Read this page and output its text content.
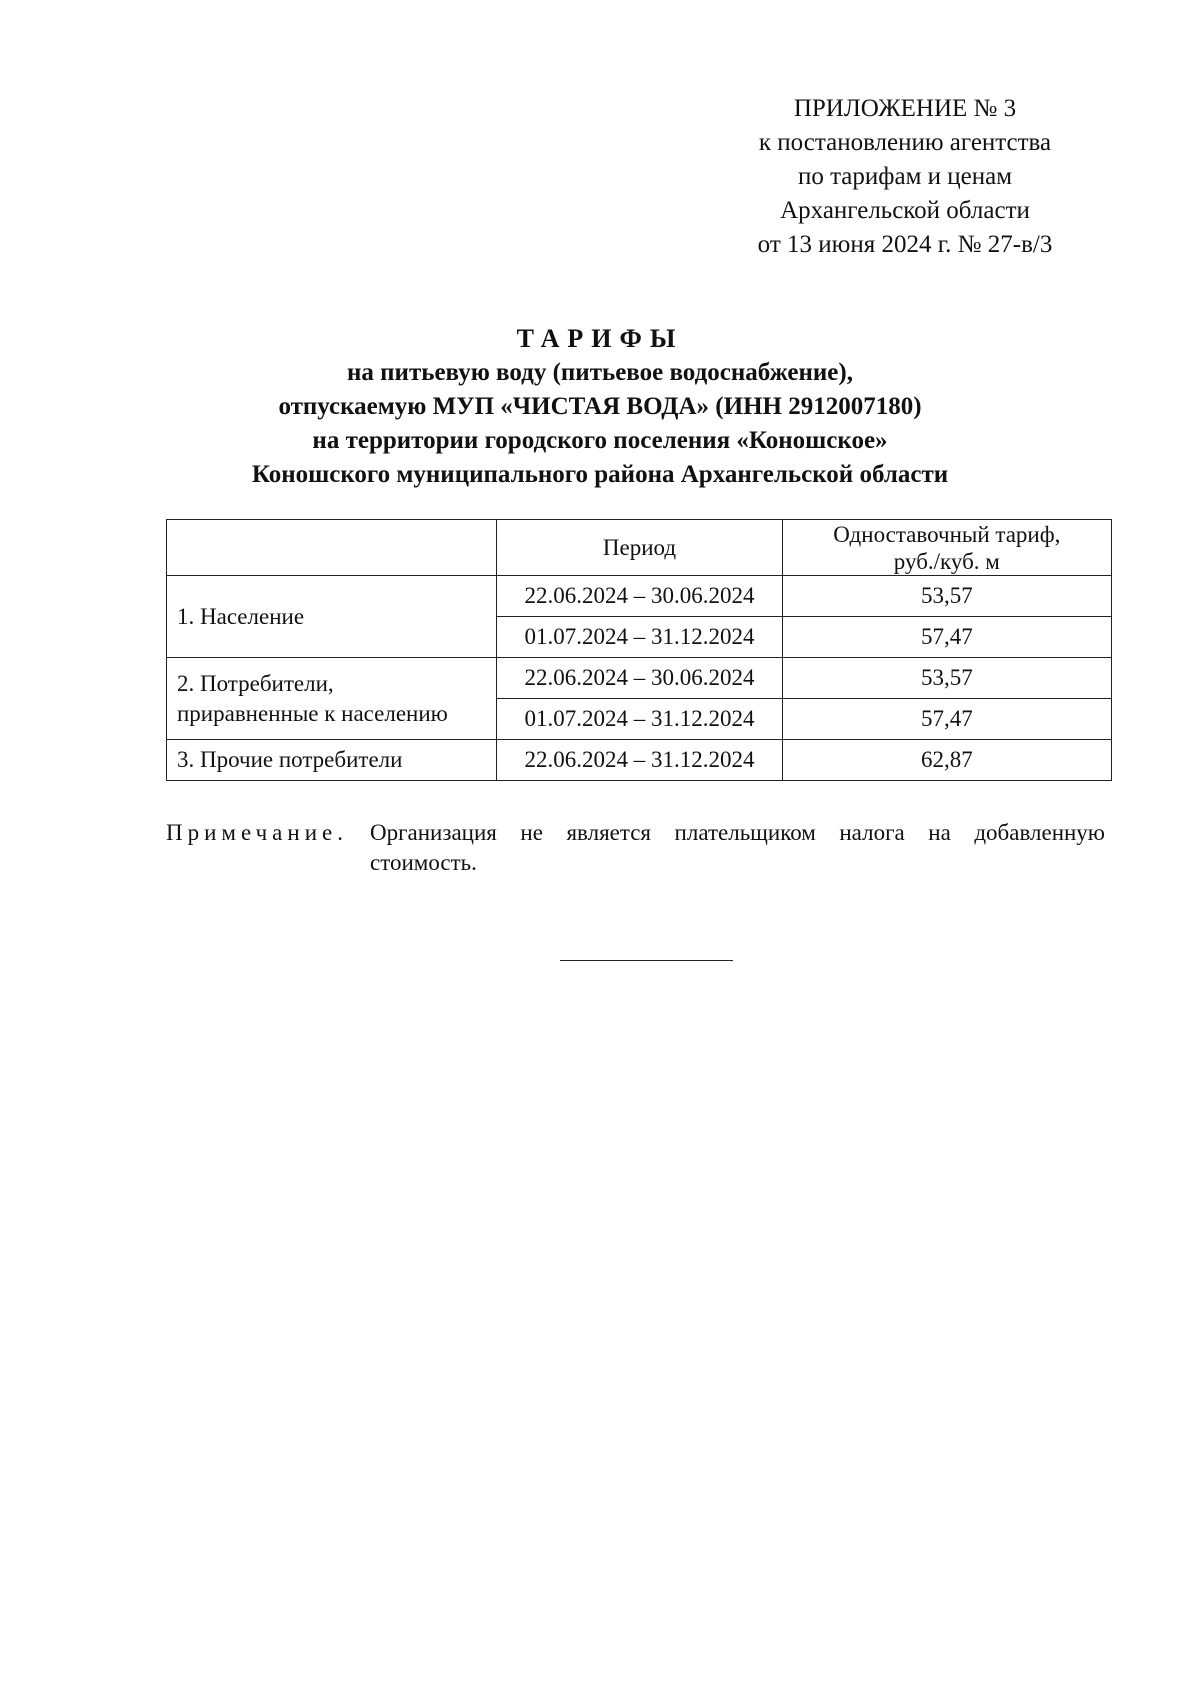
ПРИЛОЖЕНИЕ № 3
к постановлению агентства
по тарифам и ценам
Архангельской области
от 13 июня 2024 г. № 27-в/3
ТАРИФЫ
на питьевую воду (питьевое водоснабжение),
отпускаемую МУП «ЧИСТАЯ ВОДА» (ИНН 2912007180)
на территории городского поселения «Коношское»
Коношского муниципального района Архангельской области
	Период	Одноставочный тариф,
руб./куб. м

1. Население	22.06.2024 – 30.06.2024	53,57
	01.07.2024 – 31.12.2024	57,47

2. Потребители,
приравненные к населению	22.06.2024 – 30.06.2024	53,57
	01.07.2024 – 31.12.2024	57,47

3. Прочие потребители	22.06.2024 – 31.12.2024	62,87
Примечание. Организация не является плательщиком налога на добавленную
стоимость.
